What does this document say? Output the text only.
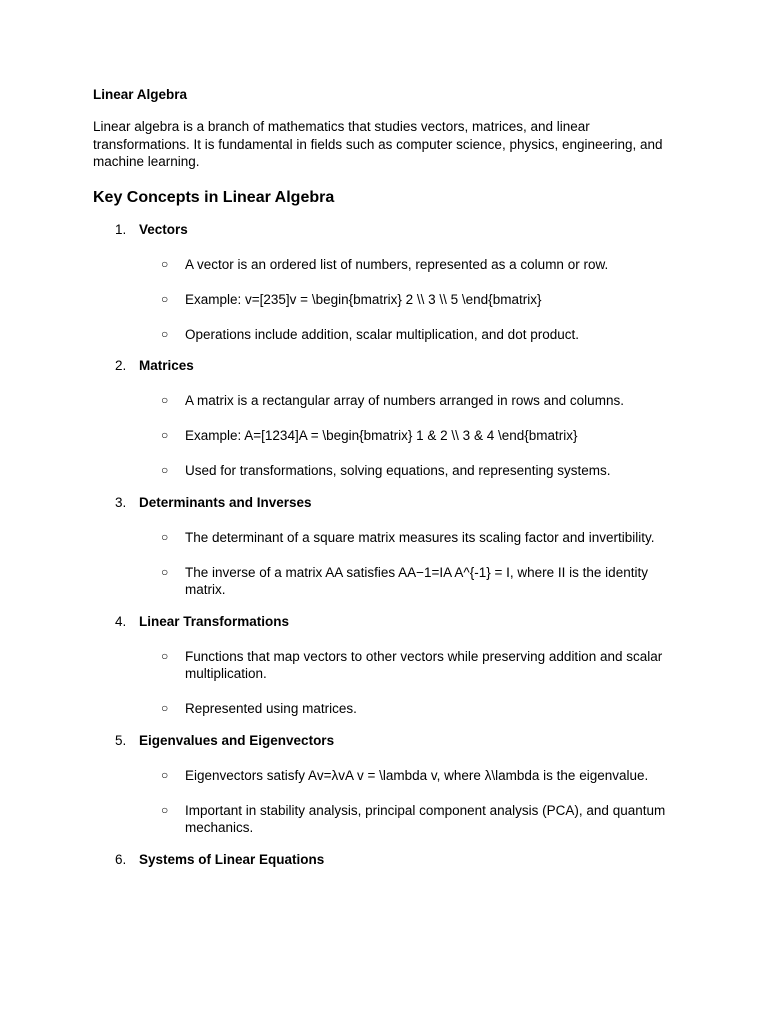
Linear Algebra

Linear algebra is a branch of mathematics that studies vectors, matrices, and linear transformations. It is fundamental in fields such as computer science, physics, engineering, and machine learning.

Key Concepts in Linear Algebra
1. Vectors
○ A vector is an ordered list of numbers, represented as a column or row.
○ Example: v=[235]v = \begin{bmatrix} 2 \\ 3 \\ 5 \end{bmatrix}
○ Operations include addition, scalar multiplication, and dot product.
2. Matrices
○ A matrix is a rectangular array of numbers arranged in rows and columns.
○ Example: A=[1234]A = \begin{bmatrix} 1 & 2 \\ 3 & 4 \end{bmatrix}
○ Used for transformations, solving equations, and representing systems.
3. Determinants and Inverses
○ The determinant of a square matrix measures its scaling factor and invertibility.
○ The inverse of a matrix AA satisfies AA−1=IA A^{-1} = I, where II is the identity matrix.
4. Linear Transformations
○ Functions that map vectors to other vectors while preserving addition and scalar multiplication.
○ Represented using matrices.
5. Eigenvalues and Eigenvectors
○ Eigenvectors satisfy Av=λvA v = \lambda v, where λ\lambda is the eigenvalue.
○ Important in stability analysis, principal component analysis (PCA), and quantum mechanics.
6. Systems of Linear Equations
